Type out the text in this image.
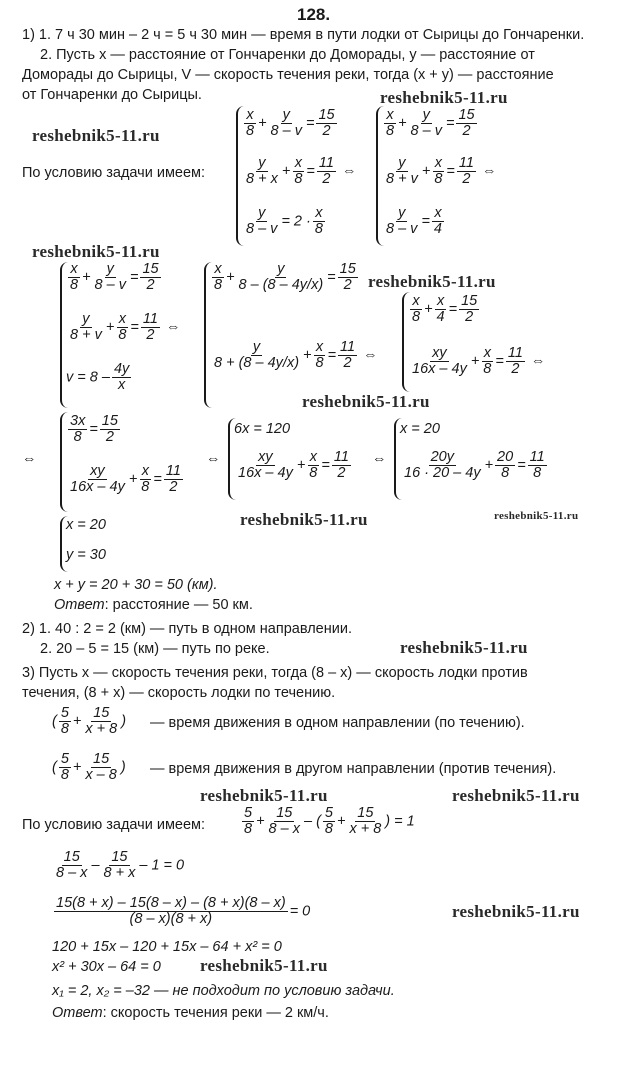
128.
1) 1. 7 ч 30 мин – 2 ч = 5 ч 30 мин — время в пути лодки от Сырицы до Гончаренки.
2. Пусть x — расстояние от Гончаренки до Доморады, y — расстояние от
Доморады до Сырицы, V — скорость течения реки, тогда (x + y) — расстояние
от Гончаренки до Сырицы.	reshebnik5-11.ru
reshebnik5-11.ru
По условию задачи имеем:
$\frac{x}{8} + \frac{y}{8 - v} = \frac{15}{2}$
$\frac{y}{8 + x} + \frac{x}{8} = \frac{11}{2}$ ⇔
$\frac{y}{8 - v} = 2 \cdot \frac{x}{8}$
$\frac{x}{8} + \frac{y}{8 - v} = \frac{15}{2}$
$\frac{y}{8 + v} + \frac{x}{8} = \frac{11}{2}$ ⇔
$\frac{y}{8 - v} = \frac{x}{4}$
reshebnik5-11.ru
$\frac{x}{8} + \frac{y}{8 - v} = \frac{15}{2}$
$\frac{y}{8 + v} + \frac{x}{8} = \frac{11}{2}$ ⇔
$v = 8 - \frac{4y}{x}$
$\frac{x}{8} + \frac{y}{8 - (8 - 4y/x)} = \frac{15}{2}$
$\frac{y}{8 + (8 - 4y/x)} + \frac{x}{8} = \frac{11}{2}$ ⇔
reshebnik5-11.ru
$\frac{x}{8} + \frac{x}{4} = \frac{15}{2}$
$\frac{xy}{16x - 4y} + \frac{x}{8} = \frac{11}{2}$ ⇔
reshebnik5-11.ru
⇔
$\frac{3x}{8} = \frac{15}{2}$
$\frac{xy}{16x - 4y} + \frac{x}{8} = \frac{11}{2}$
⇔
6x = 120
$\frac{xy}{16x - 4y} + \frac{x}{8} = \frac{11}{2}$ ⇔
x = 20
$\frac{20y}{16 \cdot 20 - 4y} + \frac{20}{8} = \frac{11}{8}$
reshebnik5-11.ru	reshebnik5-11.ru
x = 20
y = 30
x + y = 20 + 30 = 50 (км).
Ответ: расстояние — 50 км.
2) 1. 40 : 2 = 2 (км) — путь в одном направлении.
2. 20 – 5 = 15 (км) — путь по реке.	reshebnik5-11.ru
3) Пусть x — скорость течения реки, тогда (8 – x) — скорость лодки против
течения, (8 + x) — скорость лодки по течению.
( $\frac{5}{8} + \frac{15}{x + 8}$ ) — время движения в одном направлении (по течению).
( $\frac{5}{8} + \frac{15}{x - 8}$ ) — время движения в другом направлении (против течения).
reshebnik5-11.ru	reshebnik5-11.ru
По условию задачи имеем:	$\frac{5}{8} + \frac{15}{8 - x}$ – ( $\frac{5}{8} + \frac{15}{x + 8}$ ) = 1
$\frac{15}{8 - x} - \frac{15}{8 + x} - 1 = 0$
$\frac{15(8 + x) - 15(8 - x) - (8 + x)(8 - x)}{(8 - x)(8 + x)} = 0$	reshebnik5-11.ru
120 + 15x – 120 + 15x – 64 + x² = 0
x² + 30x – 64 = 0 reshebnik5-11.ru
x₁ = 2, x₂ = –32 — не подходит по условию задачи.
Ответ: скорость течения реки — 2 км/ч.
